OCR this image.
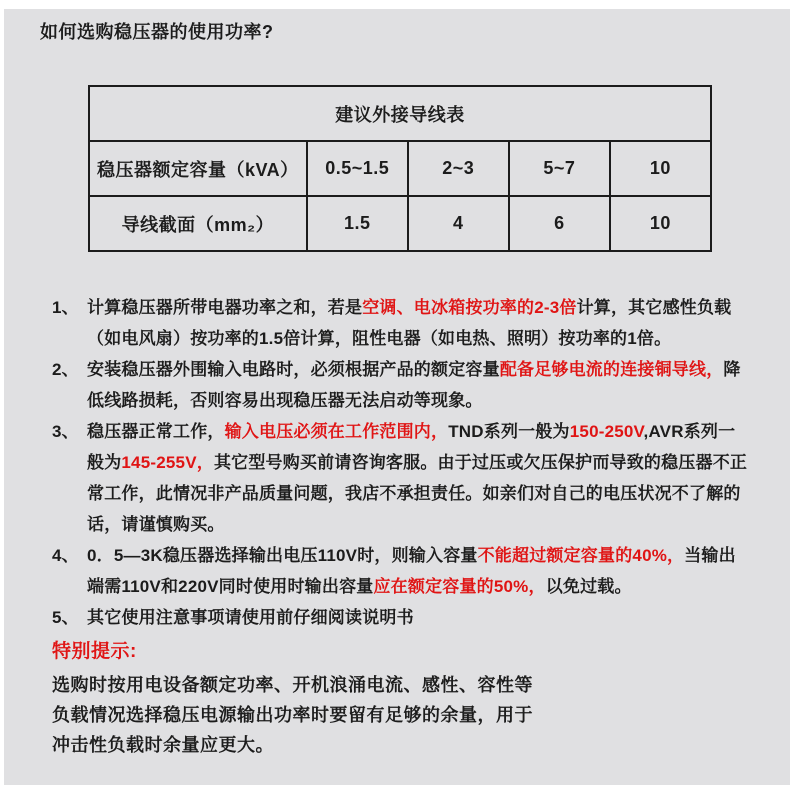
如何选购稳压器的使用功率?
建议外接导线表				
稳压器额定容量（kVA）	0.5~1.5	2~3	5~7	10
导线截面（mm₂）	1.5	4	6	10
1、 计算稳压器所带电器功率之和，若是空调、电冰箱按功率的2-3倍计算，其它感性负载（如电风扇）按功率的1.5倍计算，阻性电器（如电热、照明）按功率的1倍。
2、 安装稳压器外围输入电路时，必须根据产品的额定容量配备足够电流的连接铜导线，降低线路损耗，否则容易出现稳压器无法启动等现象。
3、 稳压器正常工作，输入电压必须在工作范围内，TND系列一般为150-250V,AVR系列一般为145-255V，其它型号购买前请咨询客服。由于过压或欠压保护而导致的稳压器不正常工作，此情况非产品质量问题，我店不承担责任。如亲们对自己的电压状况不了解的话，请谨慎购买。
4、 0．5—3K稳压器选择输出电压110V时，则输入容量不能超过额定容量的40%，当输出端需110V和220V同时使用时输出容量应在额定容量的50%，以免过载。
5、 其它使用注意事项请使用前仔细阅读说明书
特别提示:
选购时按用电设备额定功率、开机浪涌电流、感性、容性等
负载情况选择稳压电源输出功率时要留有足够的余量，用于
冲击性负载时余量应更大。
